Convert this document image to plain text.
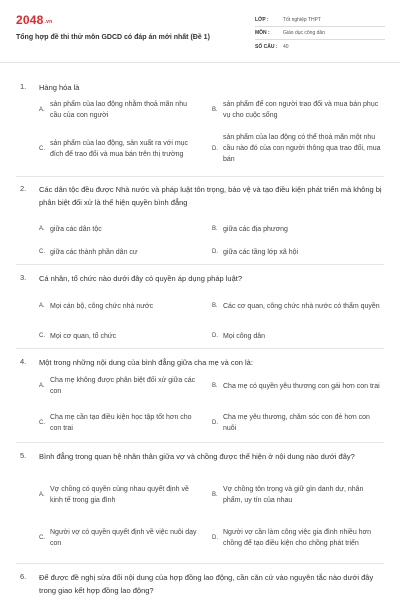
2048.vn
Tổng hợp đề thi thử môn GDCD có đáp án mới nhất (Đề 1)
LỚP :	Tốt nghiệp THPT
MÔN :	Giáo dục công dân
SỐ CÂU :	40
1. Hàng hóa là
A.
sản phẩm của lao động nhằm thoả mãn nhu cầu của con người
B.
sản phẩm để con người trao đổi và mua bán phục vụ cho cuộc sống
C.
sản phẩm của lao động, sản xuất ra với mục đích để trao đổi và mua bán trên thị trường
D.
sản phẩm của lao động có thể thoả mãn một nhu cầu nào đó của con người thông qua trao đổi, mua bán
2. Các dân tộc đều được Nhà nước và pháp luật tôn trọng, bảo vệ và tạo điều kiện phát triển mà không bị phân biệt đối xử là thể hiện quyền bình đẳng
A. giữa các dân tộc	B. giữa các địa phương
C. giữa các thành phần dân cư	D. giữa các tầng lớp xã hội
3. Cá nhân, tổ chức nào dưới đây có quyền áp dụng pháp luật?
A. Mọi cán bộ, công chức nhà nước	B. Các cơ quan, công chức nhà nước có thẩm quyền
C. Mọi cơ quan, tổ chức	D. Mọi công dân
4. Một trong những nội dung của bình đẳng giữa cha mẹ và con là:
A.
Cha mẹ không được phân biệt đối xử giữa các con
B. Cha mẹ có quyền yêu thương con gái hơn con trai
C.
Cha mẹ cần tạo điều kiện học tập tốt hơn cho con trai
D.
Cha mẹ yêu thương, chăm sóc con đẻ hơn con nuôi
5. Bình đẳng trong quan hệ nhân thân giữa vợ và chồng được thể hiện ở nội dung nào dưới đây?
A.
Vợ chồng có quyền cùng nhau quyết định về kinh tế trong gia đình
B.
Vợ chồng tôn trọng và giữ gìn danh dự, nhân phẩm, uy tín của nhau
C.
Người vợ có quyền quyết định về việc nuôi dạy con
D.
Người vợ cần làm công việc gia đình nhiều hơn chồng để tạo điều kiện cho chồng phát triển
6. Để được đề nghị sửa đổi nội dung của hợp đồng lao động, cần căn cứ vào nguyên tắc nào dưới đây trong giao kết hợp đồng lao động?
